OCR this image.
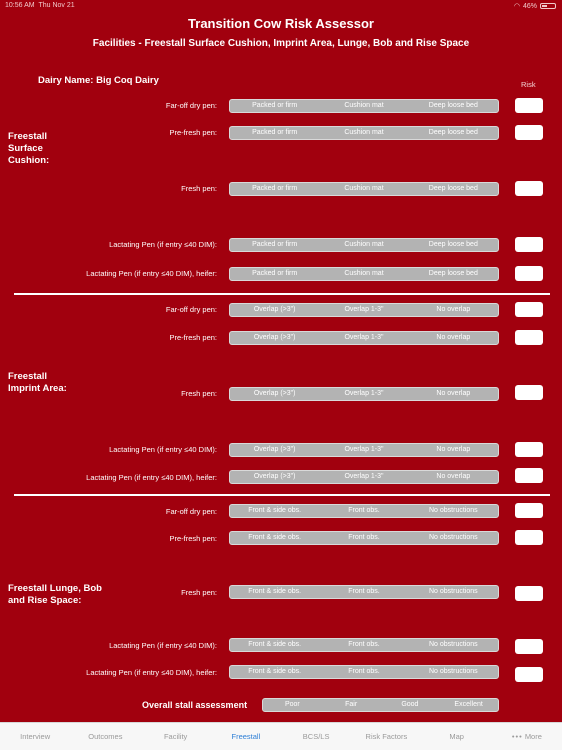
10:56 AM Thu Nov 21	◠ 46%
Transition Cow Risk Assessor
Facilities - Freestall Surface Cushion, Imprint Area, Lunge, Bob and Rise Space
Dairy Name: Big Coq Dairy	Risk
Freestall Surface Cushion:
Far-off dry pen:	Packed or firm	Cushion mat	Deep loose bed
Pre-fresh pen:	Packed or firm	Cushion mat	Deep loose bed
Fresh pen:	Packed or firm	Cushion mat	Deep loose bed
Lactating Pen (if entry ≤40 DIM):	Packed or firm	Cushion mat	Deep loose bed
Lactating Pen (if entry ≤40 DIM), heifer:	Packed or firm	Cushion mat	Deep loose bed
Freestall Imprint Area:
Far-off dry pen:	Overlap (>3")	Overlap 1-3"	No overlap
Pre-fresh pen:	Overlap (>3")	Overlap 1-3"	No overlap
Fresh pen:	Overlap (>3")	Overlap 1-3"	No overlap
Lactating Pen (if entry ≤40 DIM):	Overlap (>3")	Overlap 1-3"	No overlap
Lactating Pen (if entry ≤40 DIM), heifer:	Overlap (>3")	Overlap 1-3"	No overlap
Freestall Lunge, Bob and Rise Space:
Far-off dry pen:	Front & side obs.	Front obs.	No obstructions
Pre-fresh pen:	Front & side obs.	Front obs.	No obstructions
Fresh pen:	Front & side obs.	Front obs.	No obstructions
Lactating Pen (if entry ≤40 DIM):	Front & side obs.	Front obs.	No obstructions
Lactating Pen (if entry ≤40 DIM), heifer:	Front & side obs.	Front obs.	No obstructions
Overall stall assessment	Poor	Fair	Good	Excellent
Interview	Outcomes	Facility	Freestall	BCS/LS	Risk Factors	Map	••• More
